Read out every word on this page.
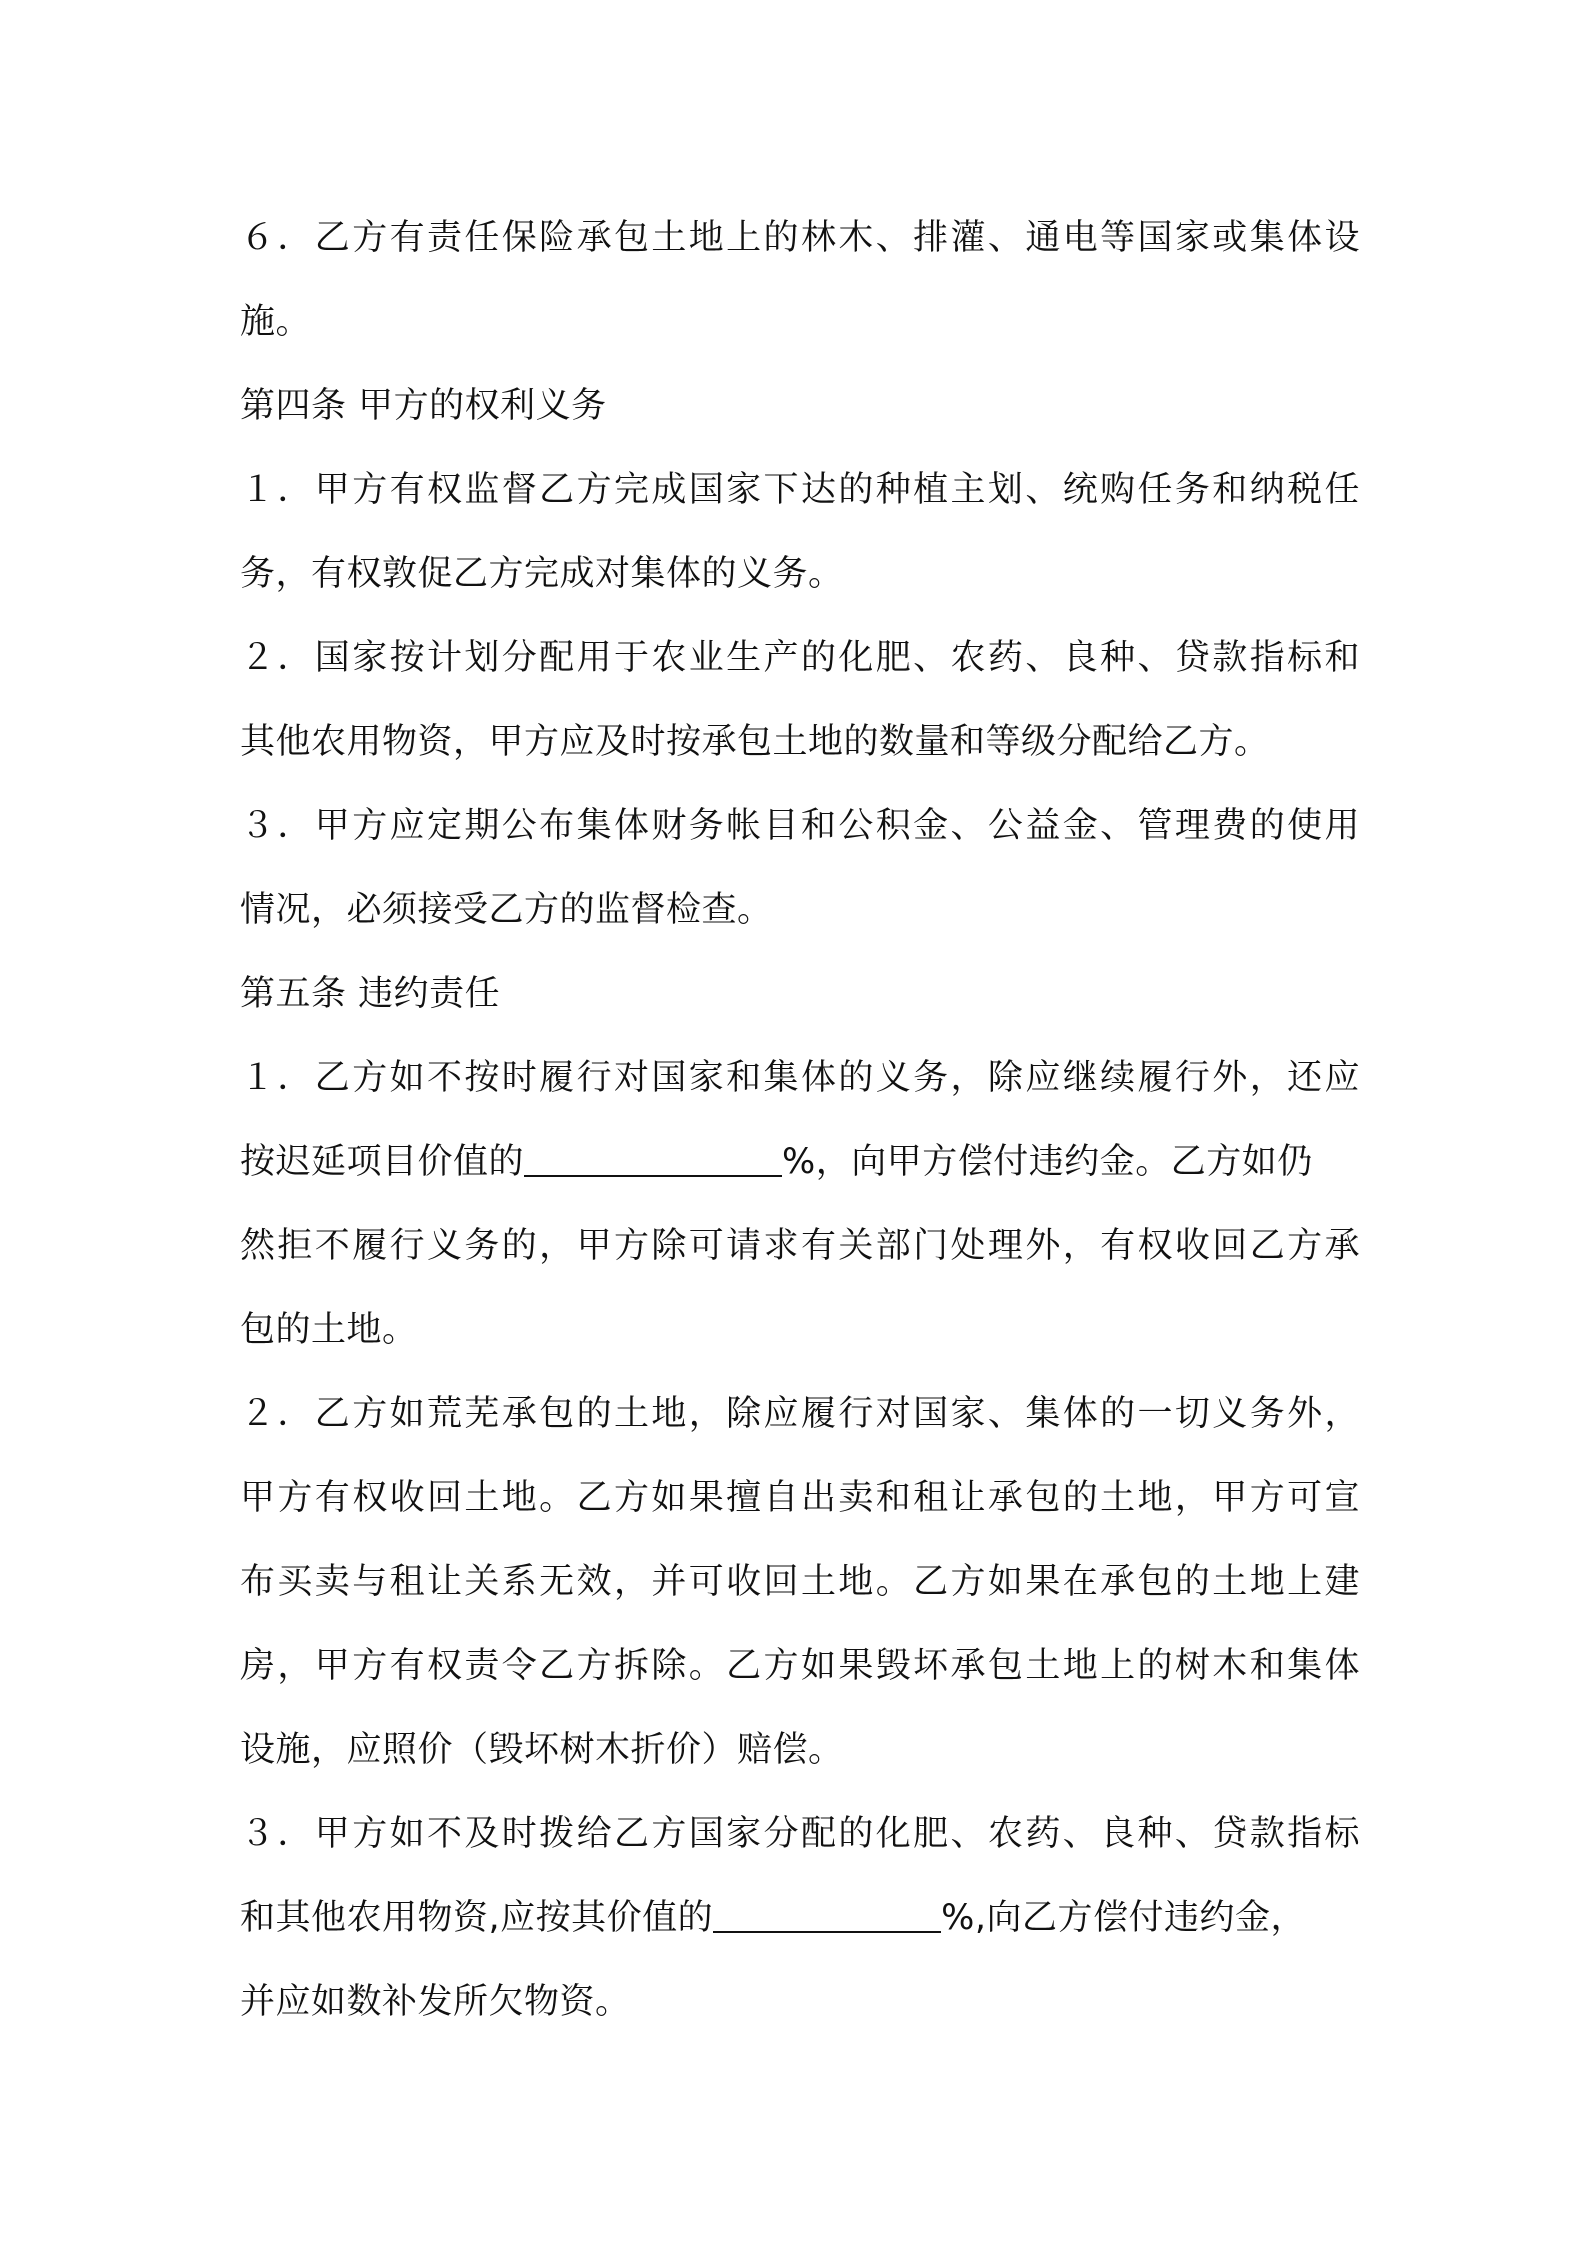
６．乙方有责任保险承包土地上的林木、排灌、通电等国家或集体设
施。
第四条 甲方的权利义务
１．甲方有权监督乙方完成国家下达的种植主划、统购任务和纳税任
务，有权敦促乙方完成对集体的义务。
２．国家按计划分配用于农业生产的化肥、农药、良种、贷款指标和
其他农用物资，甲方应及时按承包土地的数量和等级分配给乙方。
３．甲方应定期公布集体财务帐目和公积金、公益金、管理费的使用
情况，必须接受乙方的监督检查。
第五条 违约责任
１．乙方如不按时履行对国家和集体的义务，除应继续履行外，还应
按迟延项目价值的	%，向甲方偿付违约金。乙方如仍
然拒不履行义务的，甲方除可请求有关部门处理外，有权收回乙方承
包的土地。
２．乙方如荒芜承包的土地，除应履行对国家、集体的一切义务外，
甲方有权收回土地。乙方如果擅自出卖和租让承包的土地，甲方可宣
布买卖与租让关系无效，并可收回土地。乙方如果在承包的土地上建
房，甲方有权责令乙方拆除。乙方如果毁坏承包土地上的树木和集体
设施，应照价（毁坏树木折价）赔偿。
３．甲方如不及时拨给乙方国家分配的化肥、农药、良种、贷款指标
和其他农用物资,应按其价值的	%,向乙方偿付违约金，
并应如数补发所欠物资。
